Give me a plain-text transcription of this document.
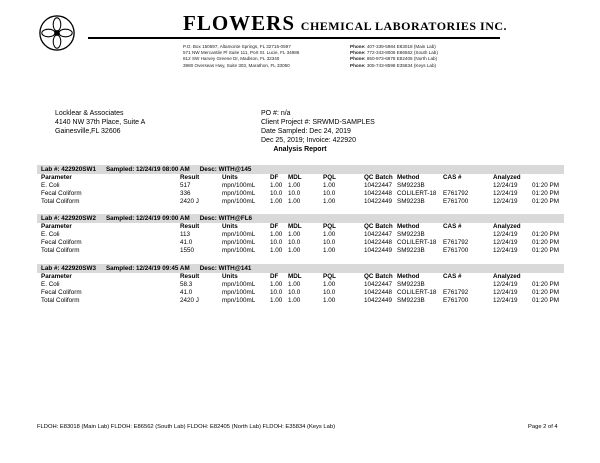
FLOWERS CHEMICAL LABORATORIES INC.
P.O. Box 150597, Altamonte Springs, FL 32715-0597
571 NW Mercantile Pl Suite 111, Port St. Lucie, FL 34986
812 SW Harvey Greene Dr, Madison, FL 32340
3980 Overseas Hwy, Suite 303, Marathon, FL 33050
Phone: 407-339-5984 E83018 (Main Lab)
Phone: 772-343-8006 E86562 (South Lab)
Phone: 850-973-6878 E82405 (North Lab)
Phone: 305-743-8598 E35834 (Keys Lab)
Locklear & Associates
4140 NW 37th Place, Suite A
Gainesville,FL 32606
PO #: n/a
Client Project #: SRWMD-SAMPLES
Date Sampled: Dec 24, 2019
Dec 25, 2019; Invoice: 422920
Analysis Report
Lab #: 422920SW1 Sampled: 12/24/19 08:00 AM Desc: WITH@145
Parameter	Result	Units	DF MDL	PQL	QC Batch Method	CAS #	Analyzed
E. Coli	517	mpn/100mL 1.00 1.00	1.00	10422447 SM9223B	12/24/19 01:20 PM
Fecal Coliform	336	mpn/100mL 10.0 10.0	10.0	10422448 COLILERT-18 E761792	12/24/19 01:20 PM
Total Coliform	2420 J	mpn/100mL 1.00 1.00	1.00	10422449 SM9223B	E761700	12/24/19 01:20 PM
Lab #: 422920SW2 Sampled: 12/24/19 09:00 AM Desc: WITH@FL6
Parameter	Result	Units	DF MDL	PQL	QC Batch Method	CAS #	Analyzed
E. Coli	113	mpn/100mL 1.00 1.00	1.00	10422447 SM9223B	12/24/19 01:20 PM
Fecal Coliform	41.0	mpn/100mL 10.0 10.0	10.0	10422448 COLILERT-18 E761792	12/24/19 01:20 PM
Total Coliform	1550	mpn/100mL 1.00 1.00	1.00	10422449 SM9223B	E761700	12/24/19 01:20 PM
Lab #: 422920SW3 Sampled: 12/24/19 09:45 AM Desc: WITH@141
Parameter	Result	Units	DF MDL	PQL	QC Batch Method	CAS #	Analyzed
E. Coli	58.3	mpn/100mL 1.00 1.00	1.00	10422447 SM9223B	12/24/19 01:20 PM
Fecal Coliform	41.0	mpn/100mL 10.0 10.0	10.0	10422448 COLILERT-18 E761792	12/24/19 01:20 PM
Total Coliform	2420 J	mpn/100mL 1.00 1.00	1.00	10422449 SM9223B	E761700	12/24/19 01:20 PM
FLDOH: E83018 (Main Lab) FLDOH: E86562 (South Lab) FLDOH: E82405 (North Lab) FLDOH: E35834 (Keys Lab)	Page 2 of 4
